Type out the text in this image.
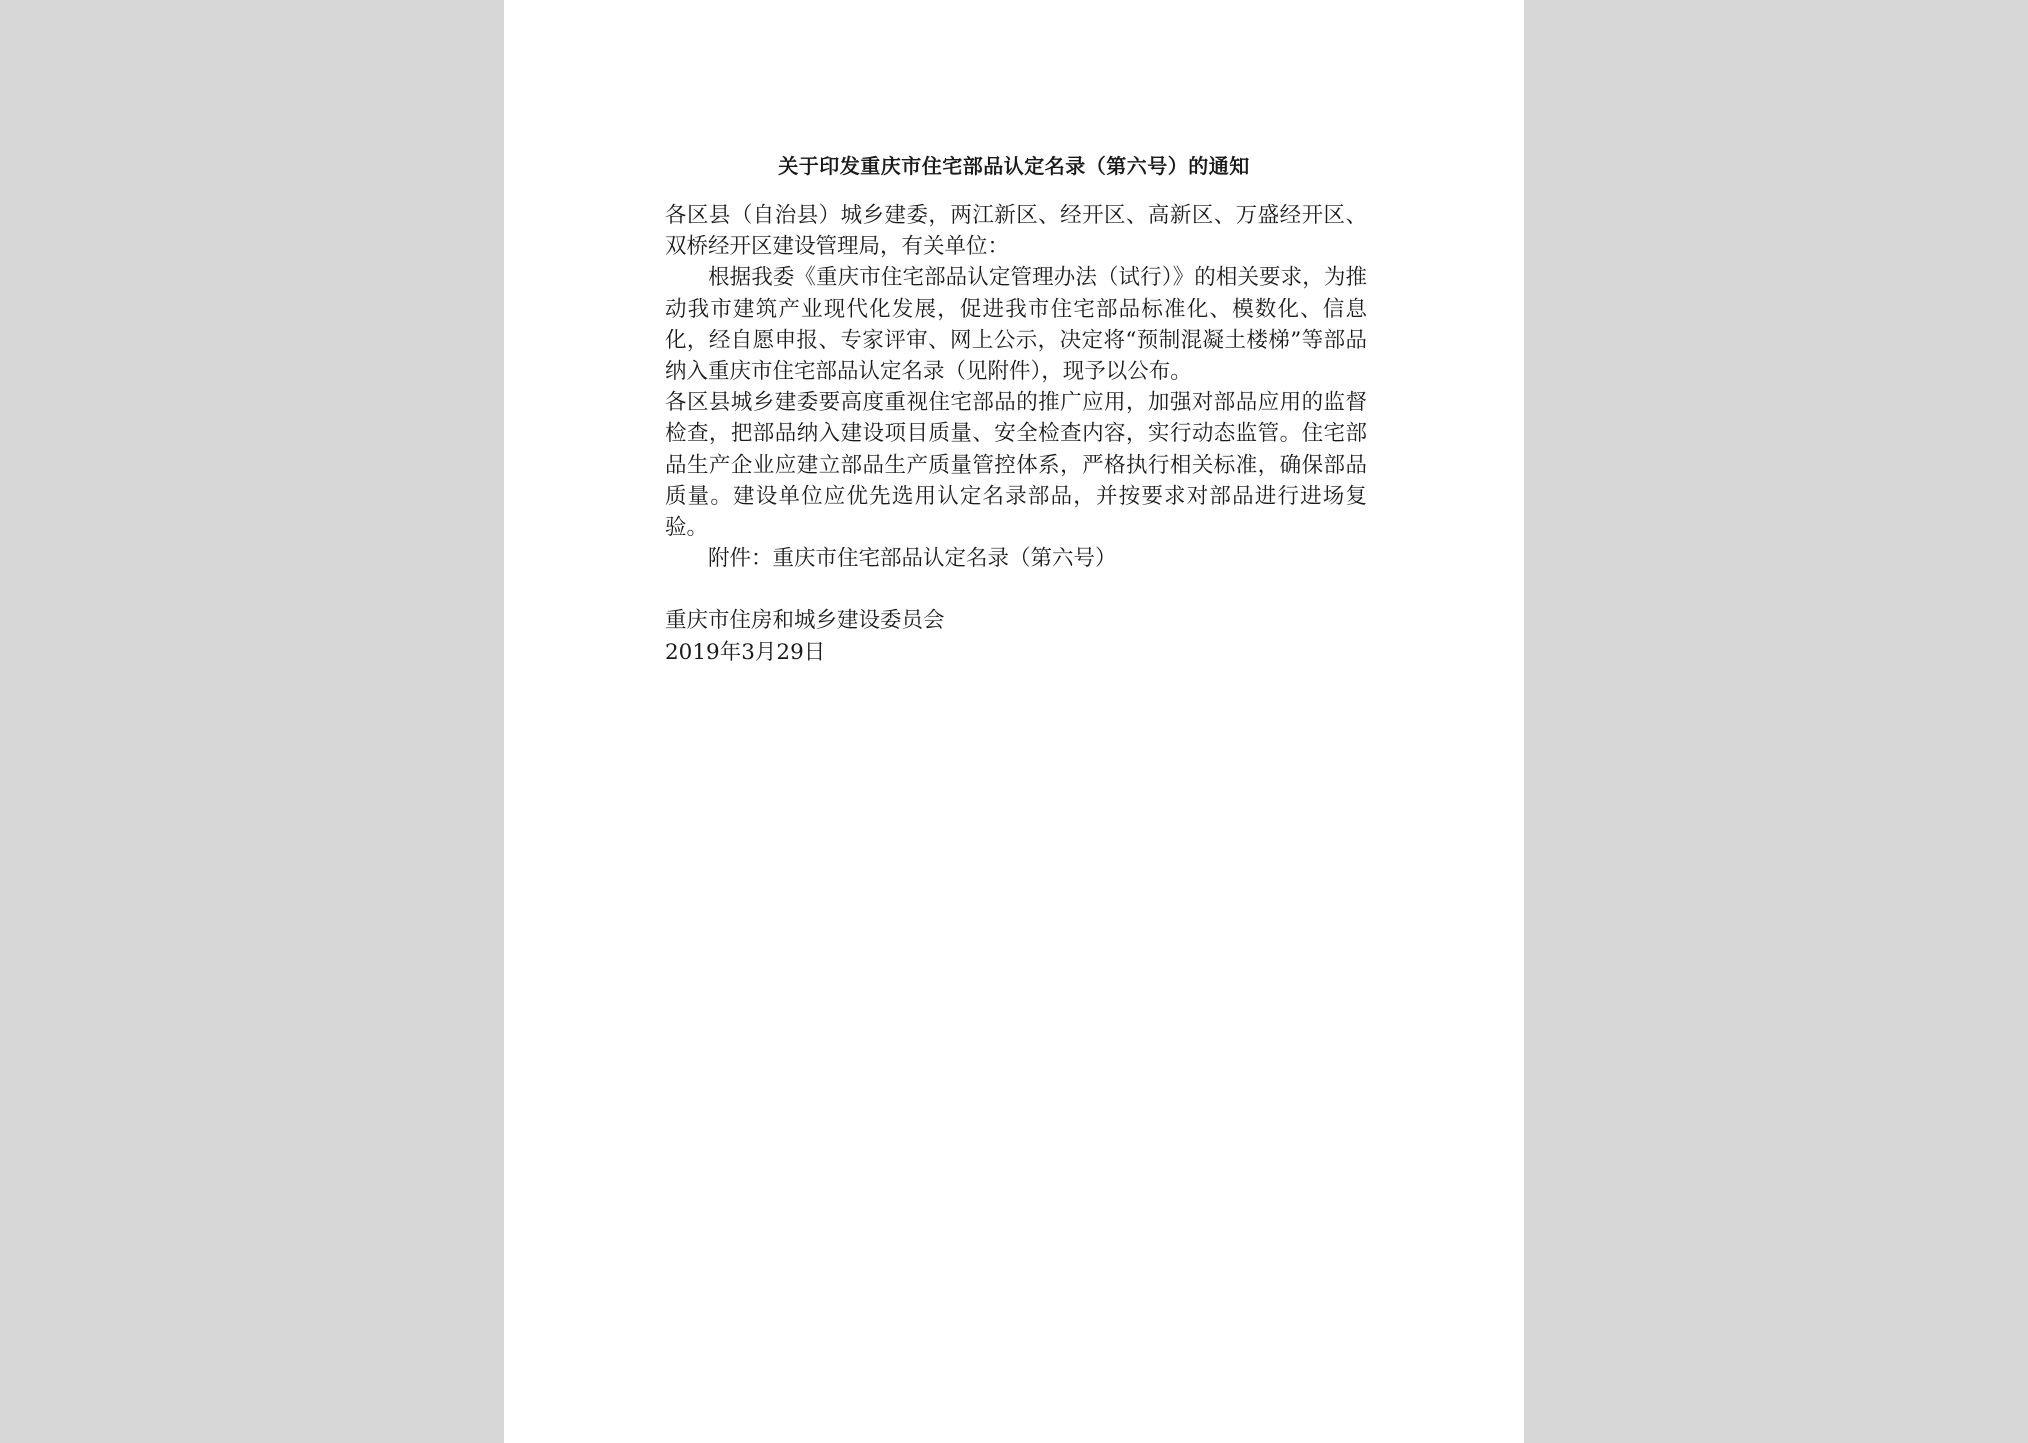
关于印发重庆市住宅部品认定名录（第六号）的通知

各区县（自治县）城乡建委，两江新区、经开区、高新区、万盛经开区、双桥经开区建设管理局，有关单位：

根据我委《重庆市住宅部品认定管理办法（试行）》的相关要求，为推动我市建筑产业现代化发展，促进我市住宅部品标准化、模数化、信息化，经自愿申报、专家评审、网上公示，决定将“预制混凝土楼梯”等部品纳入重庆市住宅部品认定名录（见附件），现予以公布。

各区县城乡建委要高度重视住宅部品的推广应用，加强对部品应用的监督检查，把部品纳入建设项目质量、安全检查内容，实行动态监管。住宅部品生产企业应建立部品生产质量管控体系，严格执行相关标准，确保部品质量。建设单位应优先选用认定名录部品，并按要求对部品进行进场复验。

附件：重庆市住宅部品认定名录（第六号）

重庆市住房和城乡建设委员会

2019年3月29日
